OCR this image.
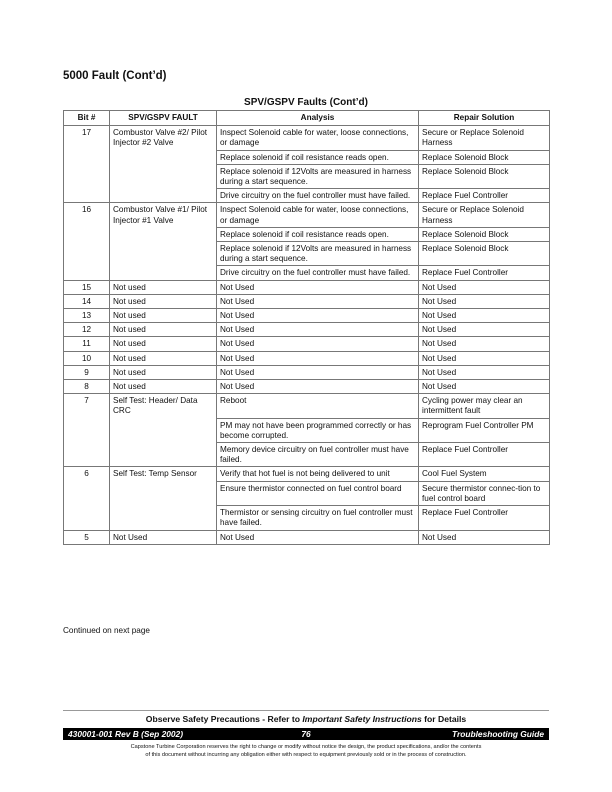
5000 Fault (Cont’d)
SPV/GSPV Faults (Cont’d)
Bit #	SPV/GSPV FAULT	Analysis	Repair Solution
17	Combustor Valve #2/ Pilot Injector #2 Valve	Inspect Solenoid cable for water, loose connections, or damage	Secure or Replace Solenoid Harness
		Replace solenoid if coil resistance reads open.	Replace Solenoid Block
		Replace solenoid if 12Volts are measured in harness during a start sequence.	Replace Solenoid Block
		Drive circuitry on the fuel controller must have failed.	Replace Fuel Controller
16	Combustor Valve #1/ Pilot Injector #1 Valve	Inspect Solenoid cable for water, loose connections, or damage	Secure or Replace Solenoid Harness
		Replace solenoid if coil resistance reads open.	Replace Solenoid Block
		Replace solenoid if 12Volts are measured in harness during a start sequence.	Replace Solenoid Block
		Drive circuitry on the fuel controller must have failed.	Replace Fuel Controller
15	Not used	Not Used	Not Used
14	Not used	Not Used	Not Used
13	Not used	Not Used	Not Used
12	Not used	Not Used	Not Used
11	Not used	Not Used	Not Used
10	Not used	Not Used	Not Used
9	Not used	Not Used	Not Used
8	Not used	Not Used	Not Used
7	Self Test: Header/ Data CRC	Reboot	Cycling power may clear an intermittent fault
		PM may not have been programmed correctly or has become corrupted.	Reprogram Fuel Controller PM
		Memory device circuitry on fuel controller must have failed.	Replace Fuel Controller
6	Self Test: Temp Sensor	Verify that hot fuel is not being delivered to unit	Cool Fuel System
		Ensure thermistor connected on fuel control board	Secure thermistor connec-tion to fuel control board
		Thermistor or sensing circuitry on fuel controller must have failed.	Replace Fuel Controller
5	Not Used	Not Used	Not Used
Continued on next page
Observe Safety Precautions - Refer to Important Safety Instructions for Details
430001-001 Rev B (Sep 2002)	76	Troubleshooting Guide
Capstone Turbine Corporation reserves the right to change or modify without notice the design, the product specifications, and/or the contents
of this document without incurring any obligation either with respect to equipment previously sold or in the process of construction.
